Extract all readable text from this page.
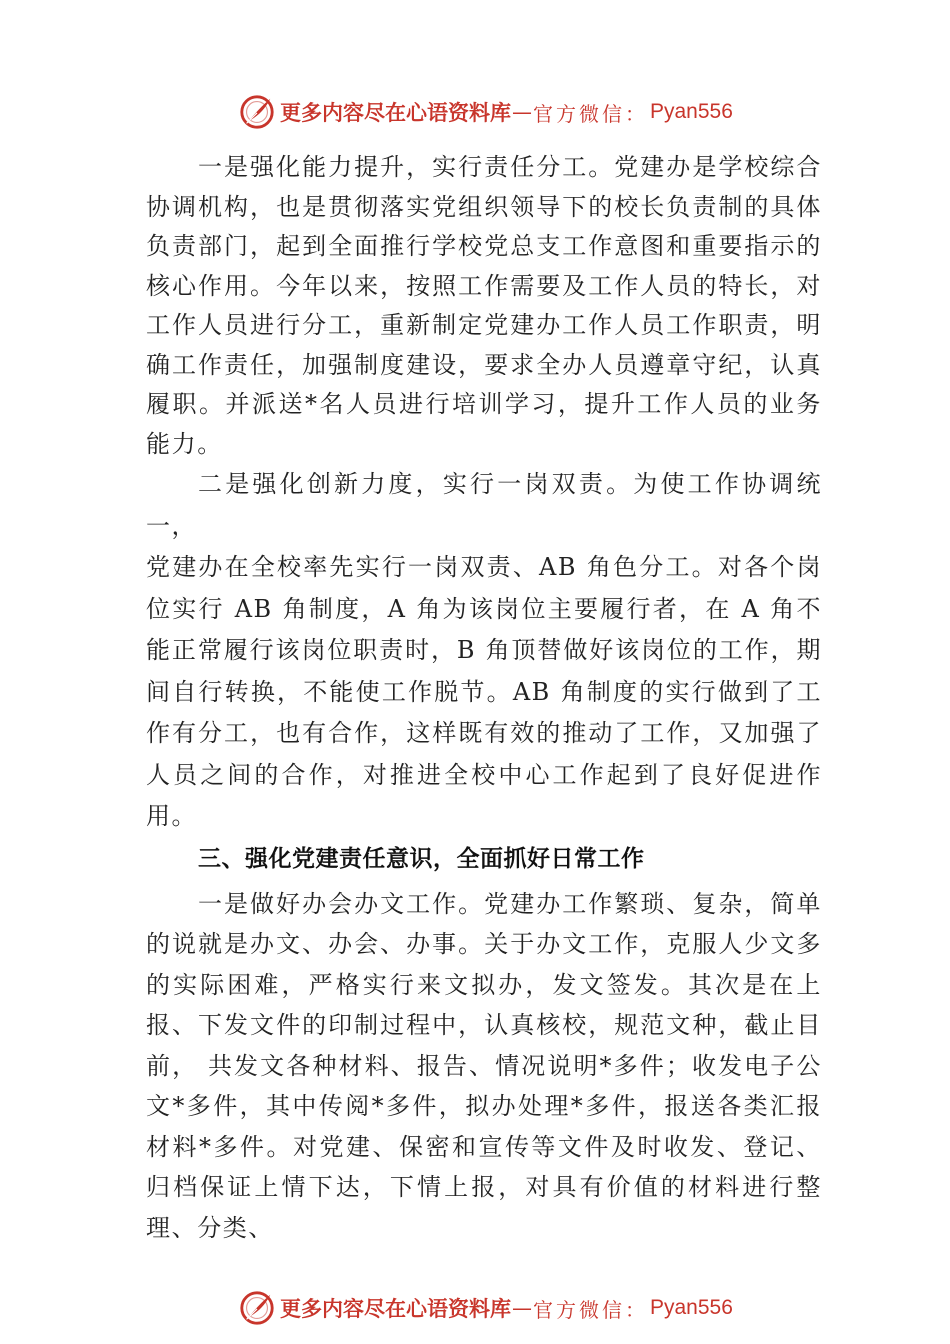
更多内容尽在心语资料库 — 官方微信： Pyan556

一是强化能力提升，实行责任分工。党建办是学校综合协调机构，也是贯彻落实党组织领导下的校长负责制的具体负责部门，起到全面推行学校党总支工作意图和重要指示的核心作用。今年以来，按照工作需要及工作人员的特长，对工作人员进行分工，重新制定党建办工作人员工作职责，明确工作责任，加强制度建设，要求全办人员遵章守纪，认真履职。并派送*名人员进行培训学习，提升工作人员的业务能力。

二是强化创新力度，实行一岗双责。为使工作协调统一，
党建办在全校率先实行一岗双责、AB 角色分工。对各个岗位实行 AB 角制度，A 角为该岗位主要履行者，在 A 角不能正常履行该岗位职责时，B 角顶替做好该岗位的工作，期间自行转换，不能使工作脱节。AB 角制度的实行做到了工作有分工，也有合作，这样既有效的推动了工作，又加强了人员之间的合作，对推进全校中心工作起到了良好促进作用。

三、强化党建责任意识，全面抓好日常工作

一是做好办会办文工作。党建办工作繁琐、复杂，简单的说就是办文、办会、办事。关于办文工作，克服人少文多的实际困难，严格实行来文拟办，发文签发。其次是在上报、下发文件的印制过程中，认真核校，规范文种，截止目前， 共发文各种材料、报告、情况说明*多件；收发电子公文*多件，其中传阅*多件，拟办处理*多件，报送各类汇报材料*多件。对党建、保密和宣传等文件及时收发、登记、归档保证上情下达，下情上报，对具有价值的材料进行整理、分类、

更多内容尽在心语资料库 — 官方微信： Pyan556
